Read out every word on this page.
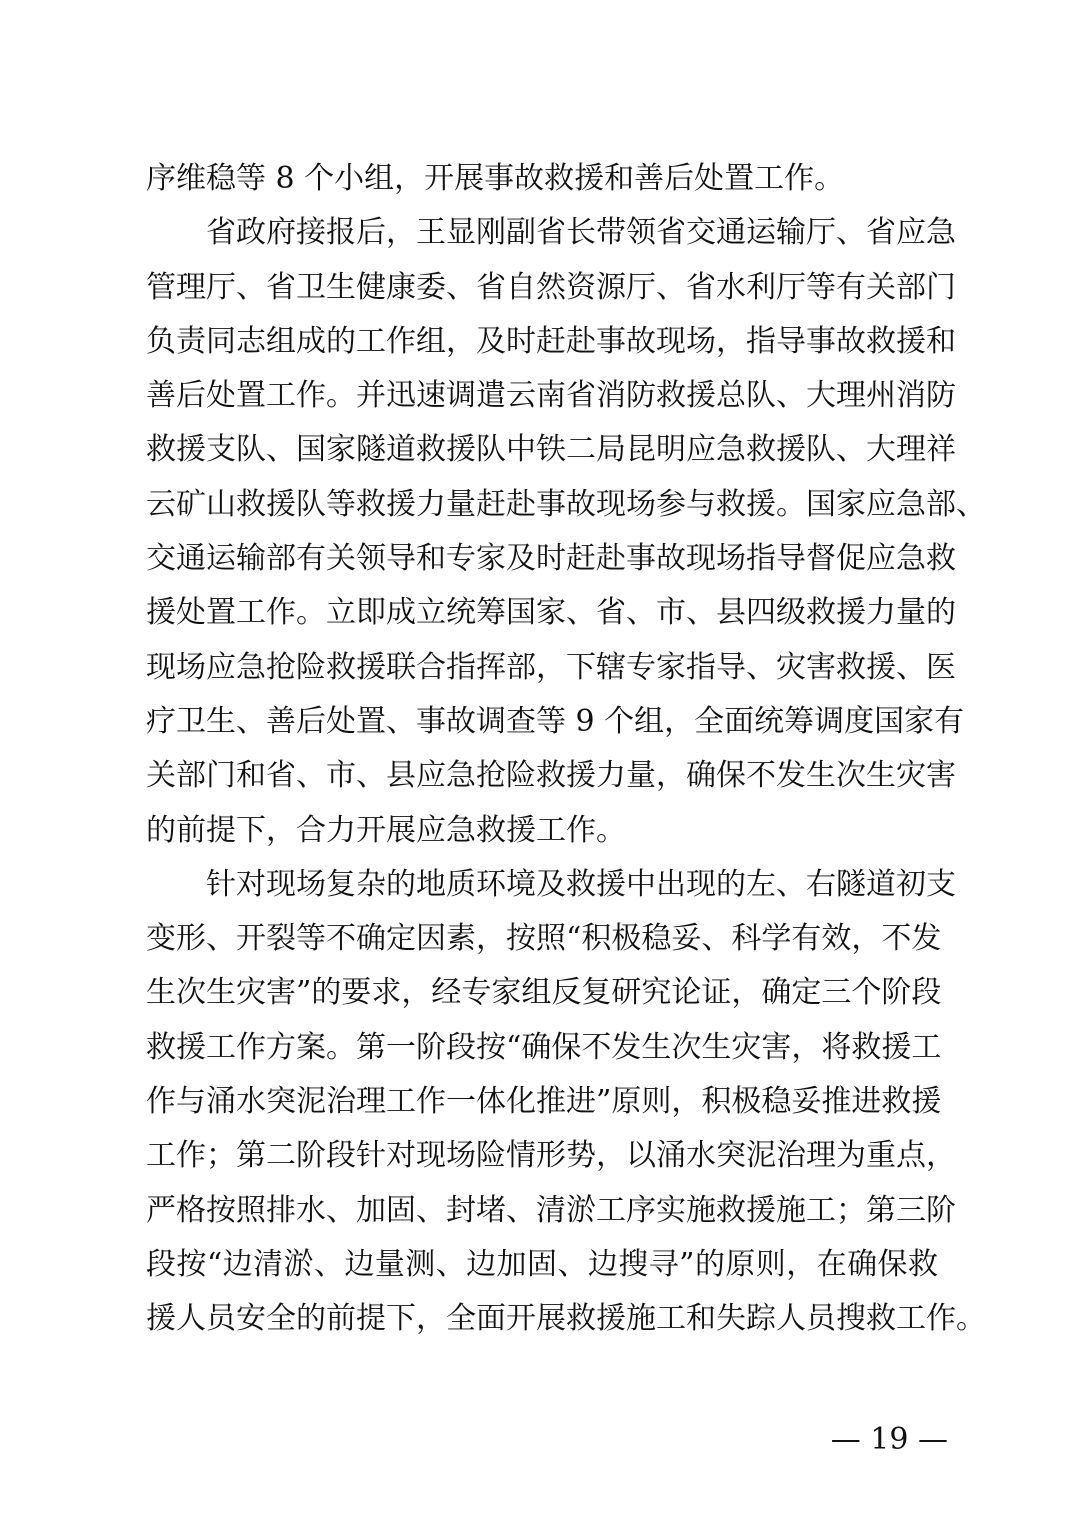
序维稳等 8 个小组，开展事故救援和善后处置工作。
　　省政府接报后，王显刚副省长带领省交通运输厅、省应急
管理厅、省卫生健康委、省自然资源厅、省水利厅等有关部门
负责同志组成的工作组，及时赶赴事故现场，指导事故救援和
善后处置工作。并迅速调遣云南省消防救援总队、大理州消防
救援支队、国家隧道救援队中铁二局昆明应急救援队、大理祥
云矿山救援队等救援力量赶赴事故现场参与救援。国家应急部、
交通运输部有关领导和专家及时赶赴事故现场指导督促应急救
援处置工作。立即成立统筹国家、省、市、县四级救援力量的
现场应急抢险救援联合指挥部，下辖专家指导、灾害救援、医
疗卫生、善后处置、事故调查等 9 个组，全面统筹调度国家有
关部门和省、市、县应急抢险救援力量，确保不发生次生灾害
的前提下，合力开展应急救援工作。
　　针对现场复杂的地质环境及救援中出现的左、右隧道初支
变形、开裂等不确定因素，按照“积极稳妥、科学有效，不发
生次生灾害”的要求，经专家组反复研究论证，确定三个阶段
救援工作方案。第一阶段按“确保不发生次生灾害，将救援工
作与涌水突泥治理工作一体化推进”原则，积极稳妥推进救援
工作；第二阶段针对现场险情形势，以涌水突泥治理为重点，
严格按照排水、加固、封堵、清淤工序实施救援施工；第三阶
段按“边清淤、边量测、边加固、边搜寻”的原则，在确保救
援人员安全的前提下，全面开展救援施工和失踪人员搜救工作。
— 19 —
